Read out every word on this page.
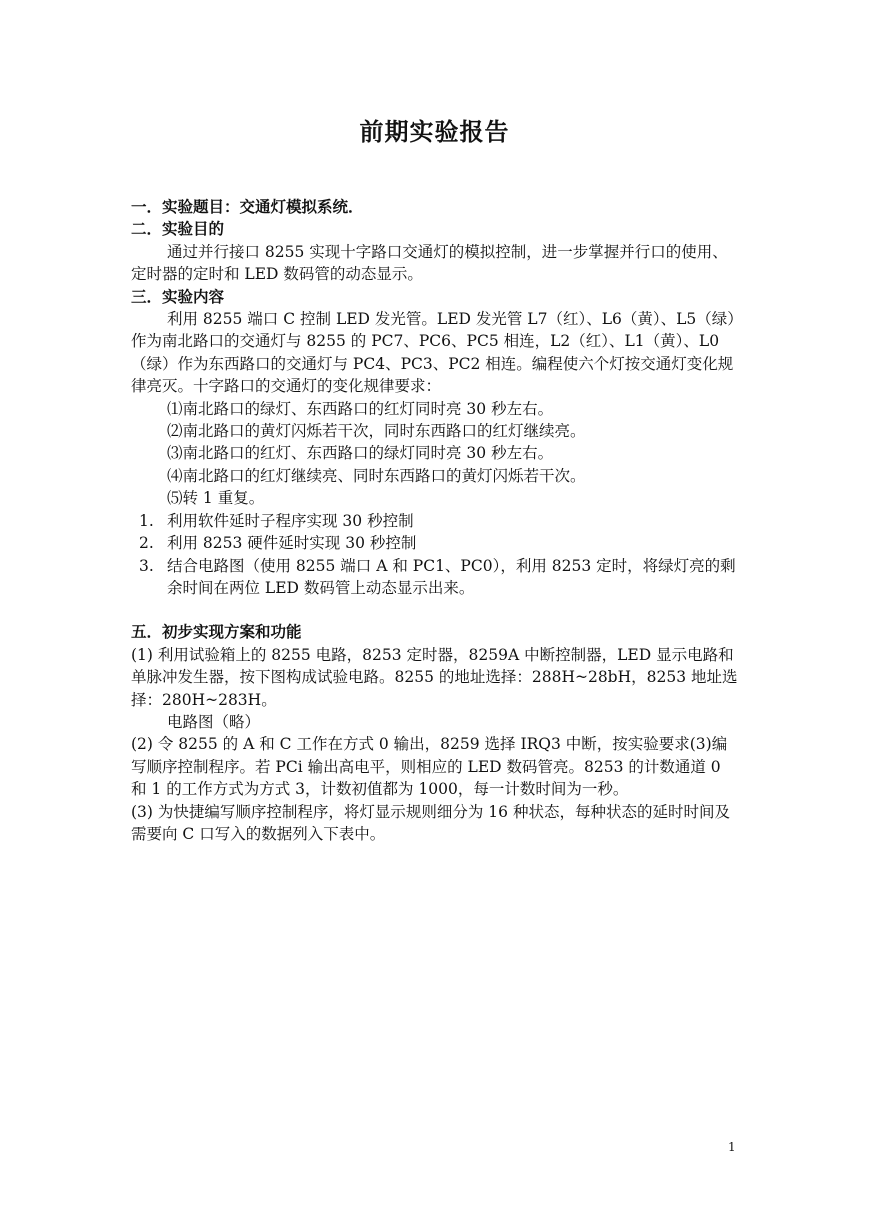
前期实验报告

一．实验题目：交通灯模拟系统．

二．实验目的

通过并行接口 8255 实现十字路口交通灯的模拟控制，进一步掌握并行口的使用、定时器的定时和 LED 数码管的动态显示。

三．实验内容

利用 8255 端口 C 控制 LED 发光管。LED 发光管 L7（红）、L6（黄）、L5（绿）作为南北路口的交通灯与 8255 的 PC7、PC6、PC5 相连，L2（红）、L1（黄）、L0（绿）作为东西路口的交通灯与 PC4、PC3、PC2 相连。编程使六个灯按交通灯变化规律亮灭。十字路口的交通灯的变化规律要求：

⑴南北路口的绿灯、东西路口的红灯同时亮 30 秒左右。

⑵南北路口的黄灯闪烁若干次，同时东西路口的红灯继续亮。

⑶南北路口的红灯、东西路口的绿灯同时亮 30 秒左右。

⑷南北路口的红灯继续亮、同时东西路口的黄灯闪烁若干次。

⑸转 1 重复。

1. 利用软件延时子程序实现 30 秒控制
2. 利用 8253 硬件延时实现 30 秒控制
3. 结合电路图（使用 8255 端口 A 和 PC1、PC0），利用 8253 定时，将绿灯亮的剩余时间在两位 LED 数码管上动态显示出来。

五．初步实现方案和功能

(1) 利用试验箱上的 8255 电路，8253 定时器，8259A 中断控制器，LED 显示电路和单脉冲发生器，按下图构成试验电路。8255 的地址选择：288H~28bH，8253 地址选择：280H~283H。

电路图（略）

(2) 令 8255 的 A 和 C 工作在方式 0 输出，8259 选择 IRQ3 中断，按实验要求(3)编写顺序控制程序。若 PCi 输出高电平，则相应的 LED 数码管亮。8253 的计数通道 0 和 1 的工作方式为方式 3，计数初值都为 1000，每一计数时间为一秒。

(3) 为快捷编写顺序控制程序，将灯显示规则细分为 16 种状态，每种状态的延时时间及需要向 C 口写入的数据列入下表中。

1
